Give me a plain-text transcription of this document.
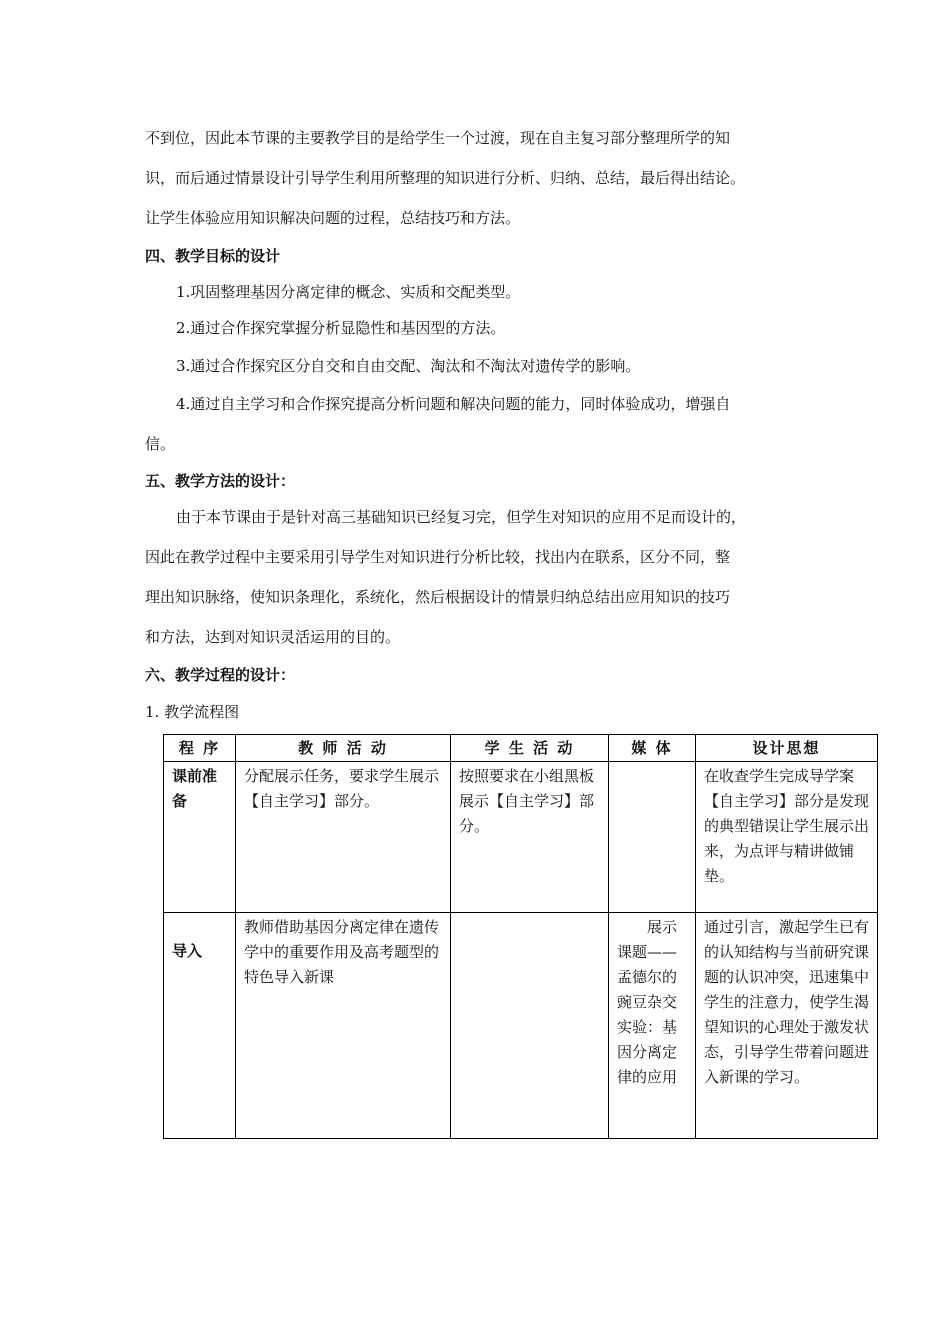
不到位，因此本节课的主要教学目的是给学生一个过渡，现在自主复习部分整理所学的知
识，而后通过情景设计引导学生利用所整理的知识进行分析、归纳、总结，最后得出结论。
让学生体验应用知识解决问题的过程，总结技巧和方法。
四、教学目标的设计
1.巩固整理基因分离定律的概念、实质和交配类型。
2.通过合作探究掌握分析显隐性和基因型的方法。
3.通过合作探究区分自交和自由交配、淘汰和不淘汰对遗传学的影响。
4.通过自主学习和合作探究提高分析问题和解决问题的能力，同时体验成功，增强自
信。
五、教学方法的设计：
由于本节课由于是针对高三基础知识已经复习完，但学生对知识的应用不足而设计的，
因此在教学过程中主要采用引导学生对知识进行分析比较，找出内在联系，区分不同，整
理出知识脉络，使知识条理化，系统化，然后根据设计的情景归纳总结出应用知识的技巧
和方法，达到对知识灵活运用的目的。
六、教学过程的设计：
1. 教学流程图
程 序	教 师 活 动	学 生 活 动	媒 体	设计思想

课前准备	分配展示任务，要求学生展示【自主学习】部分。	按照要求在小组黑板展示【自主学习】部分。		在收查学生完成导学案【自主学习】部分是发现的典型错误让学生展示出来，为点评与精讲做铺垫。

导入	教师借助基因分离定律在遗传学中的重要作用及高考题型的特色导入新课		展示课题——孟德尔的豌豆杂交实验：基因分离定律的应用	通过引言，激起学生已有的认知结构与当前研究课题的认识冲突，迅速集中学生的注意力，使学生渴望知识的心理处于激发状态，引导学生带着问题进入新课的学习。
